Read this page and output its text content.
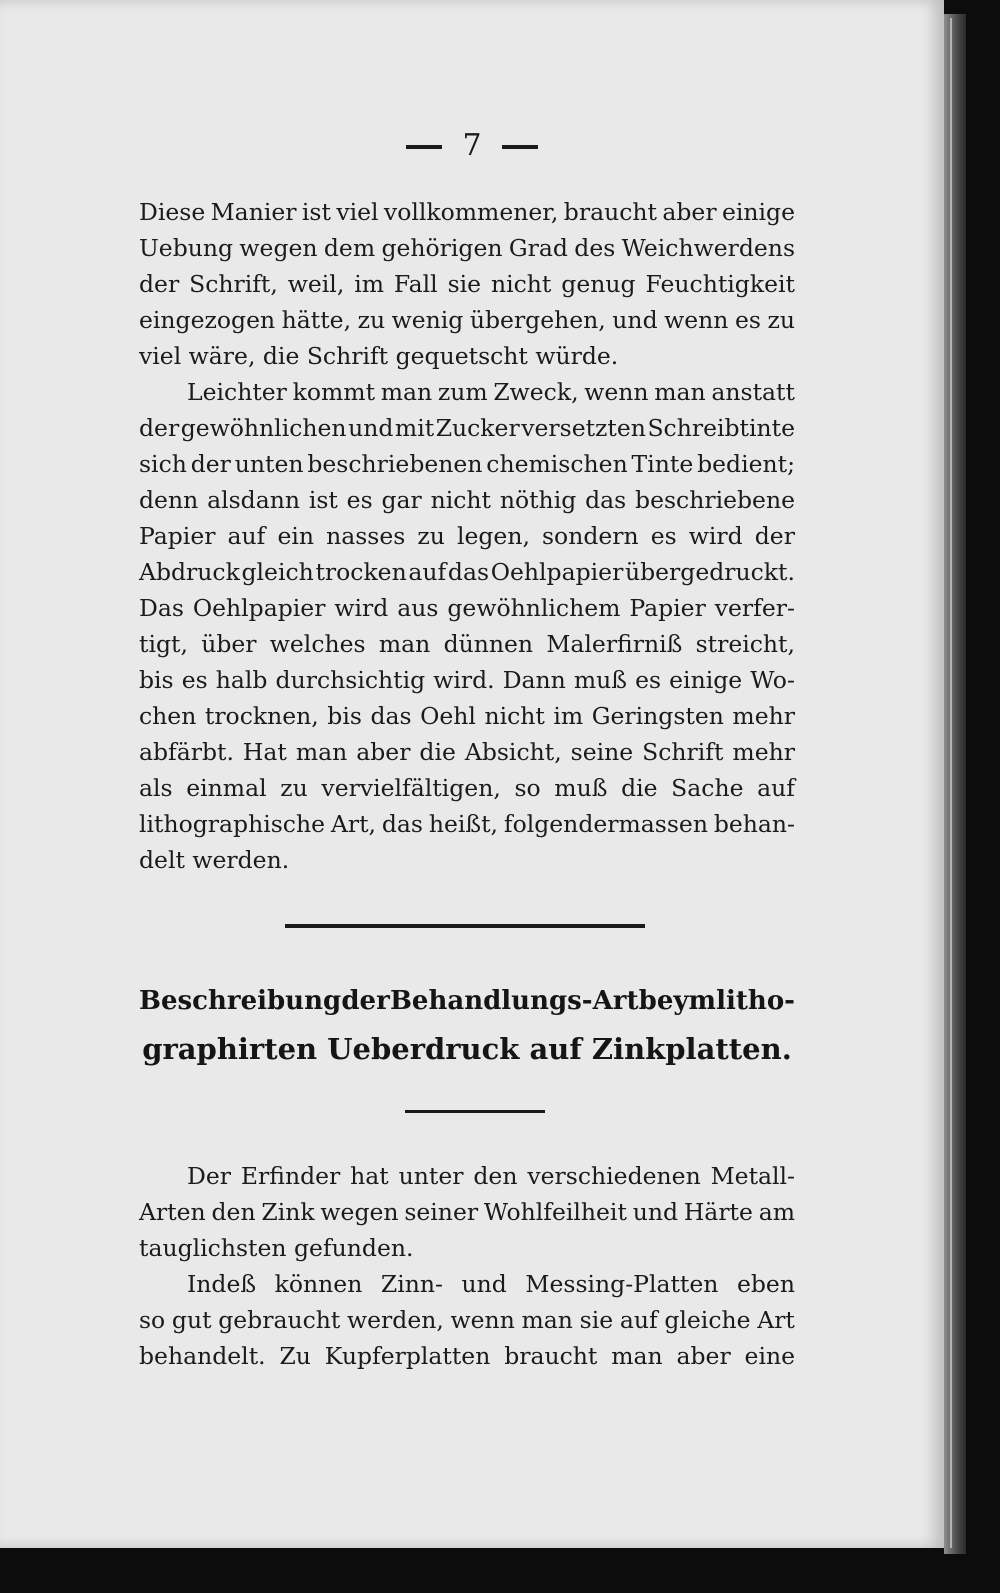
7
Diese Manier ist viel vollkommener, braucht aber einige
Uebung wegen dem gehörigen Grad des Weichwerdens
der Schrift, weil, im Fall sie nicht genug Feuchtigkeit
eingezogen hätte, zu wenig übergehen, und wenn es zu
viel wäre, die Schrift gequetscht würde.
Leichter kommt man zum Zweck, wenn man anstatt
der gewöhnlichen und mit Zucker versetzten Schreibtinte
sich der unten beschriebenen chemischen Tinte bedient;
denn alsdann ist es gar nicht nöthig das beschriebene
Papier auf ein nasses zu legen, sondern es wird der
Abdruck gleich trocken auf das Oehlpapier übergedruckt.
Das Oehlpapier wird aus gewöhnlichem Papier verfer-
tigt, über welches man dünnen Malerfirniß streicht,
bis es halb durchsichtig wird. Dann muß es einige Wo-
chen trocknen, bis das Oehl nicht im Geringsten mehr
abfärbt. Hat man aber die Absicht, seine Schrift mehr
als einmal zu vervielfältigen, so muß die Sache auf
lithographische Art, das heißt, folgendermassen behan-
delt werden.
Beschreibung der Behandlungs-Art beym litho-
graphirten Ueberdruck auf Zinkplatten.
Der Erfinder hat unter den verschiedenen Metall-
Arten den Zink wegen seiner Wohlfeilheit und Härte am
tauglichsten gefunden.
Indeß können Zinn- und Messing-Platten eben
so gut gebraucht werden, wenn man sie auf gleiche Art
behandelt. Zu Kupferplatten braucht man aber eine
